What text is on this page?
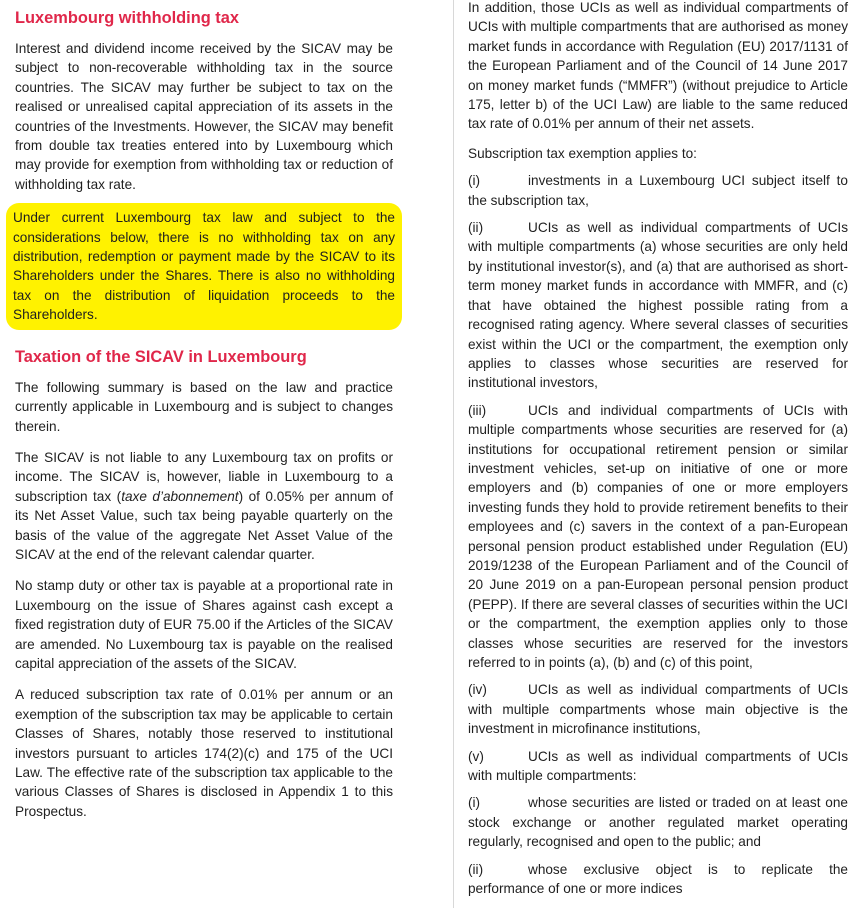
Luxembourg withholding tax

Interest and dividend income received by the SICAV may be subject to non-recoverable withholding tax in the source countries. The SICAV may further be subject to tax on the realised or unrealised capital appreciation of its assets in the countries of the Investments. However, the SICAV may benefit from double tax treaties entered into by Luxembourg which may provide for exemption from withholding tax or reduction of withholding tax rate.

Under current Luxembourg tax law and subject to the considerations below, there is no withholding tax on any distribution, redemption or payment made by the SICAV to its Shareholders under the Shares. There is also no withholding tax on the distribution of liquidation proceeds to the Shareholders.

Taxation of the SICAV in Luxembourg

The following summary is based on the law and practice currently applicable in Luxembourg and is subject to changes therein.

The SICAV is not liable to any Luxembourg tax on profits or income. The SICAV is, however, liable in Luxembourg to a subscription tax (taxe d’abonnement) of 0.05% per annum of its Net Asset Value, such tax being payable quarterly on the basis of the value of the aggregate Net Asset Value of the SICAV at the end of the relevant calendar quarter.

No stamp duty or other tax is payable at a proportional rate in Luxembourg on the issue of Shares against cash except a fixed registration duty of EUR 75.00 if the Articles of the SICAV are amended. No Luxembourg tax is payable on the realised capital appreciation of the assets of the SICAV.

A reduced subscription tax rate of 0.01% per annum or an exemption of the subscription tax may be applicable to certain Classes of Shares, notably those reserved to institutional investors pursuant to articles 174(2)(c) and 175 of the UCI Law. The effective rate of the subscription tax applicable to the various Classes of Shares is disclosed in Appendix 1 to this Prospectus.

In addition, those UCIs as well as individual compartments of UCIs with multiple compartments that are authorised as money market funds in accordance with Regulation (EU) 2017/1131 of the European Parliament and of the Council of 14 June 2017 on money market funds (“MMFR”) (without prejudice to Article 175, letter b) of the UCI Law) are liable to the same reduced tax rate of 0.01% per annum of their net assets.

Subscription tax exemption applies to:

(i)	investments in a Luxembourg UCI subject itself to the subscription tax,
(ii)	UCIs as well as individual compartments of UCIs with multiple compartments (a) whose securities are only held by institutional investor(s), and (a) that are authorised as short-term money market funds in accordance with MMFR, and (c) that have obtained the highest possible rating from a recognised rating agency. Where several classes of securities exist within the UCI or the compartment, the exemption only applies to classes whose securities are reserved for institutional investors,
(iii)	UCIs and individual compartments of UCIs with multiple compartments whose securities are reserved for (a) institutions for occupational retirement pension or similar investment vehicles, set-up on initiative of one or more employers and (b) companies of one or more employers investing funds they hold to provide retirement benefits to their employees and (c) savers in the context of a pan-European personal pension product established under Regulation (EU) 2019/1238 of the European Parliament and of the Council of 20 June 2019 on a pan-European personal pension product (PEPP). If there are several classes of securities within the UCI or the compartment, the exemption applies only to those classes whose securities are reserved for the investors referred to in points (a), (b) and (c) of this point,
(iv)	UCIs as well as individual compartments of UCIs with multiple compartments whose main objective is the investment in microfinance institutions,
(v)	UCIs as well as individual compartments of UCIs with multiple compartments:
(i)	whose securities are listed or traded on at least one stock exchange or another regulated market operating regularly, recognised and open to the public; and
(ii)	whose exclusive object is to replicate the performance of one or more indices
